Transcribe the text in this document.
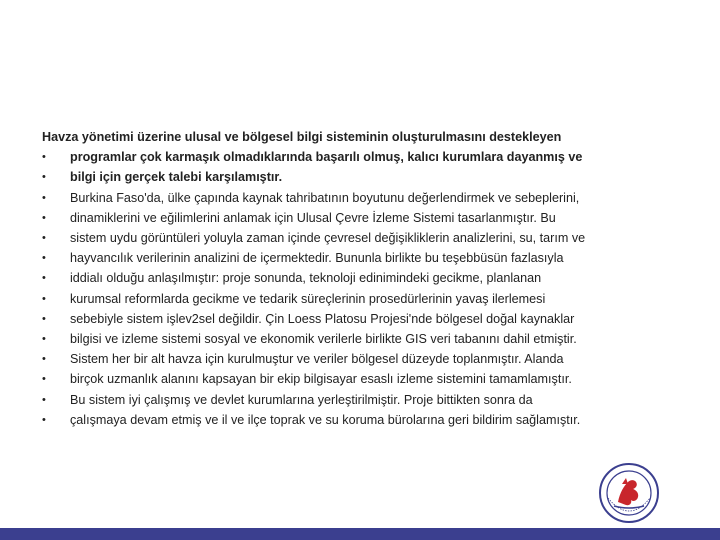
Havza yönetimi üzerine ulusal ve bölgesel bilgi sisteminin oluşturulmasını destekleyen
•	programlar çok karmaşık olmadıklarında başarılı olmuş, kalıcı kurumlara dayanmış ve
•	bilgi için gerçek talebi karşılamıştır.
•	Burkina Faso'da, ülke çapında kaynak tahribatının boyutunu değerlendirmek ve sebeplerini,
•	dinamiklerini ve eğilimlerini anlamak için Ulusal Çevre İzleme Sistemi tasarlanmıştır. Bu
•	sistem uydu görüntüleri yoluyla zaman içinde çevresel değişikliklerin analizlerini, su, tarım ve
•	hayvancılık verilerinin analizini de içermektedir. Bununla birlikte bu teşebbüsün fazlasıyla
•	iddialı olduğu anlaşılmıştır: proje sonunda, teknoloji edinimindeki gecikme, planlanan
•	kurumsal reformlarda gecikme ve tedarik süreçlerinin prosedürlerinin yavaş ilerlemesi
•	sebebiyle sistem işlev2sel değildir. Çin Loess Platosu Projesi'nde bölgesel doğal kaynaklar
•	bilgisi ve izleme sistemi sosyal ve ekonomik verilerle birlikte GIS veri tabanını dahil etmiştir.
•	Sistem her bir alt havza için kurulmuştur ve veriler bölgesel düzeyde toplanmıştır. Alanda
•	birçok uzmanlık alanını kapsayan bir ekip bilgisayar esaslı izleme sistemini tamamlamıştır.
•	Bu sistem iyi çalışmış ve devlet kurumlarına yerleştirilmiştir. Proje bittikten sonra da
•	çalışmaya devam etmiş ve il ve ilçe toprak ve su koruma bürolarına geri bildirim sağlamıştır.
